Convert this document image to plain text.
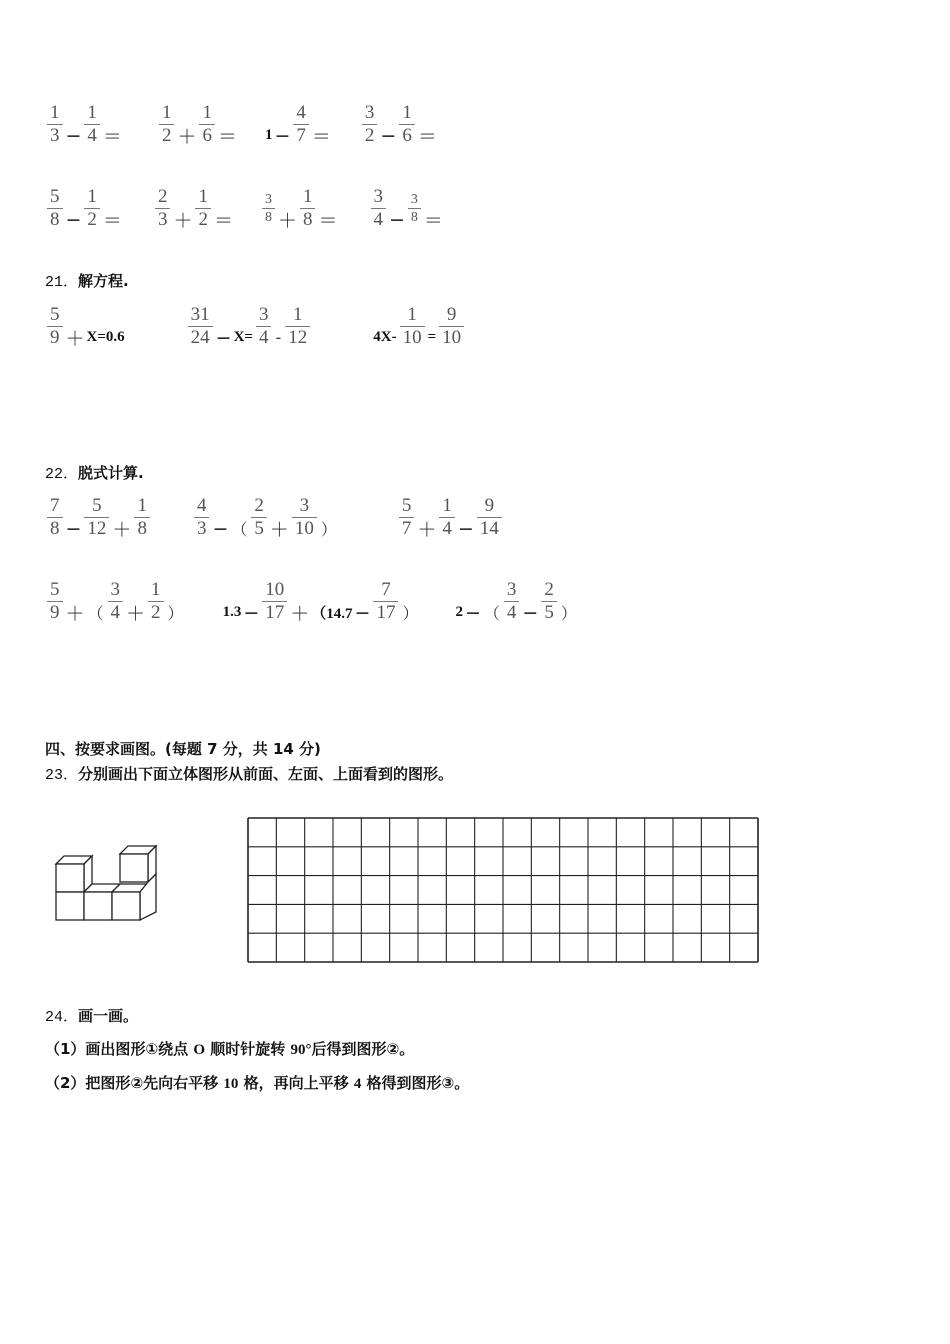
$\frac{1}{3} - \frac{1}{4} = \frac{1}{2} + \frac{1}{6} = 1 - \frac{4}{7} = \frac{3}{2} - \frac{1}{6}$ ＝
$\frac{5}{8} - \frac{1}{2} = \frac{2}{3} + \frac{1}{2} = \frac{3}{8} + \frac{1}{8} = \frac{3}{4} - \frac{3}{8}$ ＝
21．解方程.
$\frac{5}{9} + X=0.6$	$\frac{31}{24} - X= \frac{3}{4} - \frac{1}{12}$	$4X- \frac{1}{10} = \frac{9}{10}$
22．脱式计算.
$\frac{7}{8} - \frac{5}{12} + \frac{1}{8} \frac{4}{3}$ − （ $\frac{2}{5} + \frac{3}{10}$ ）	$\frac{5}{7} + \frac{1}{4} - \frac{9}{14}$
$\frac{5}{9}$ ＋ （ $\frac{3}{4} + \frac{1}{2}$ ）	$1.3 - \frac{10}{17} + (14.7 - \frac{7}{17}$ ） 2 − （ $\frac{3}{4} - \frac{2}{5}$ ）
四、按要求画图。(每题 7 分，共 14 分)
23．分别画出下面立体图形从前面、左面、上面看到的图形。
24．画一画。
（1）画出图形①绕点 O 顺时针旋转 90°后得到图形②。
（2）把图形②先向右平移 10 格，再向上平移 4 格得到图形③。
